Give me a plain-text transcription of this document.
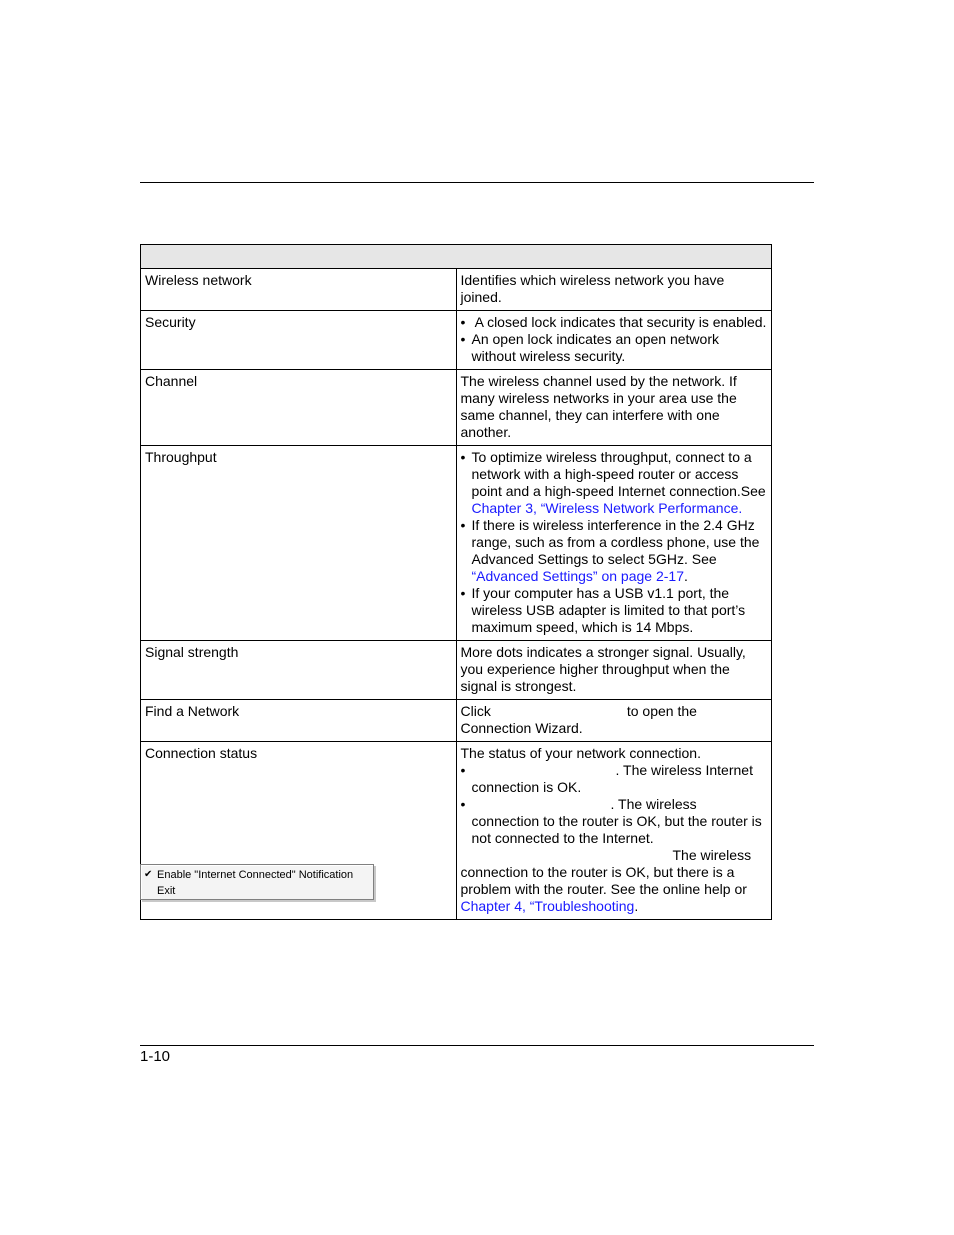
Wireless network	Identifies which wireless network you have joined.
Security	• A closed lock indicates that security is enabled.
• An open lock indicates an open network without wireless security.

Channel	The wireless channel used by the network. If many wireless networks in your area use the same channel, they can interfere with one another.
Throughput	• To optimize wireless throughput, connect to a network with a high-speed router or access point and a high-speed Internet connection.See Chapter 3, “Wireless Network Performance.
• If there is wireless interference in the 2.4 GHz range, such as from a cordless phone, use the Advanced Settings to select 5GHz. See “Advanced Settings” on page 2-17.
• If your computer has a USB v1.1 port, the wireless USB adapter is limited to that port’s maximum speed, which is 14 Mbps.

Signal strength	More dots indicates a stronger signal. Usually, you experience higher throughput when the signal is strongest.
Find a Network	Click to open the Connection Wizard.
Connection status	The status of your network connection.
• . The wireless Internet connection is OK.
• . The wireless connection to the router is OK, but the router is not connected to the Internet.
The wireless connection to the router is OK, but there is a problem with the router. See the online help or Chapter 4, “Troubleshooting.
✔ Enable "Internet Connected" Notification
Exit
1-10
